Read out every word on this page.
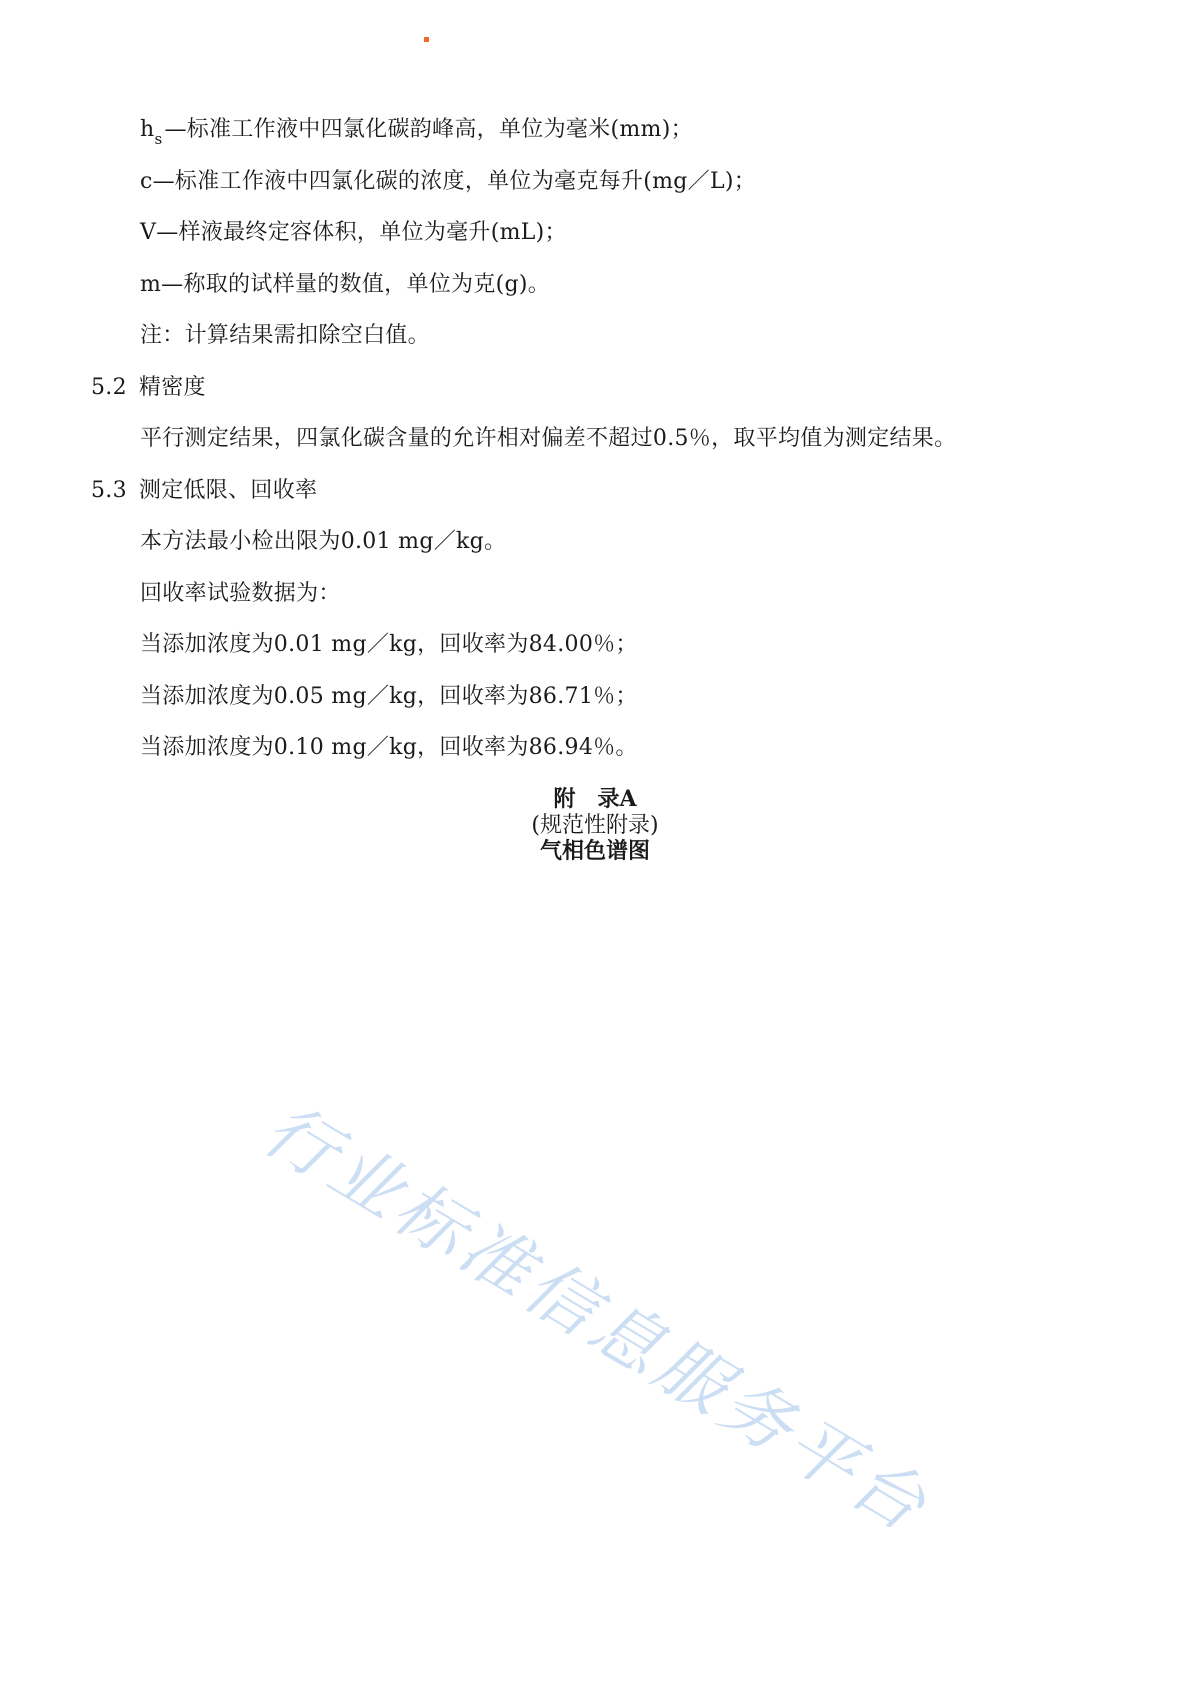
$h_s—$标准工作液中四氯化碳韵峰高，单位为毫米(mm)；
c—标准工作液中四氯化碳的浓度，单位为毫克每升(mg／L)；
V—样液最终定容体积，单位为毫升(mL)；
m—称取的试样量的数值，单位为克(g)。
注：计算结果需扣除空白值。
5.2 精密度
平行测定结果，四氯化碳含量的允许相对偏差不超过0.5％，取平均值为测定结果。
5.3 测定低限、回收率
本方法最小检出限为0.01 mg／kg。
回收率试验数据为：
当添加浓度为0.01 mg／kg，回收率为84.00％；
当添加浓度为0.05 mg／kg，回收率为86.71％；
当添加浓度为0.10 mg／kg，回收率为86.94％。
附　录A
(规范性附录)
气相色谱图
行业标准信息服务平台
